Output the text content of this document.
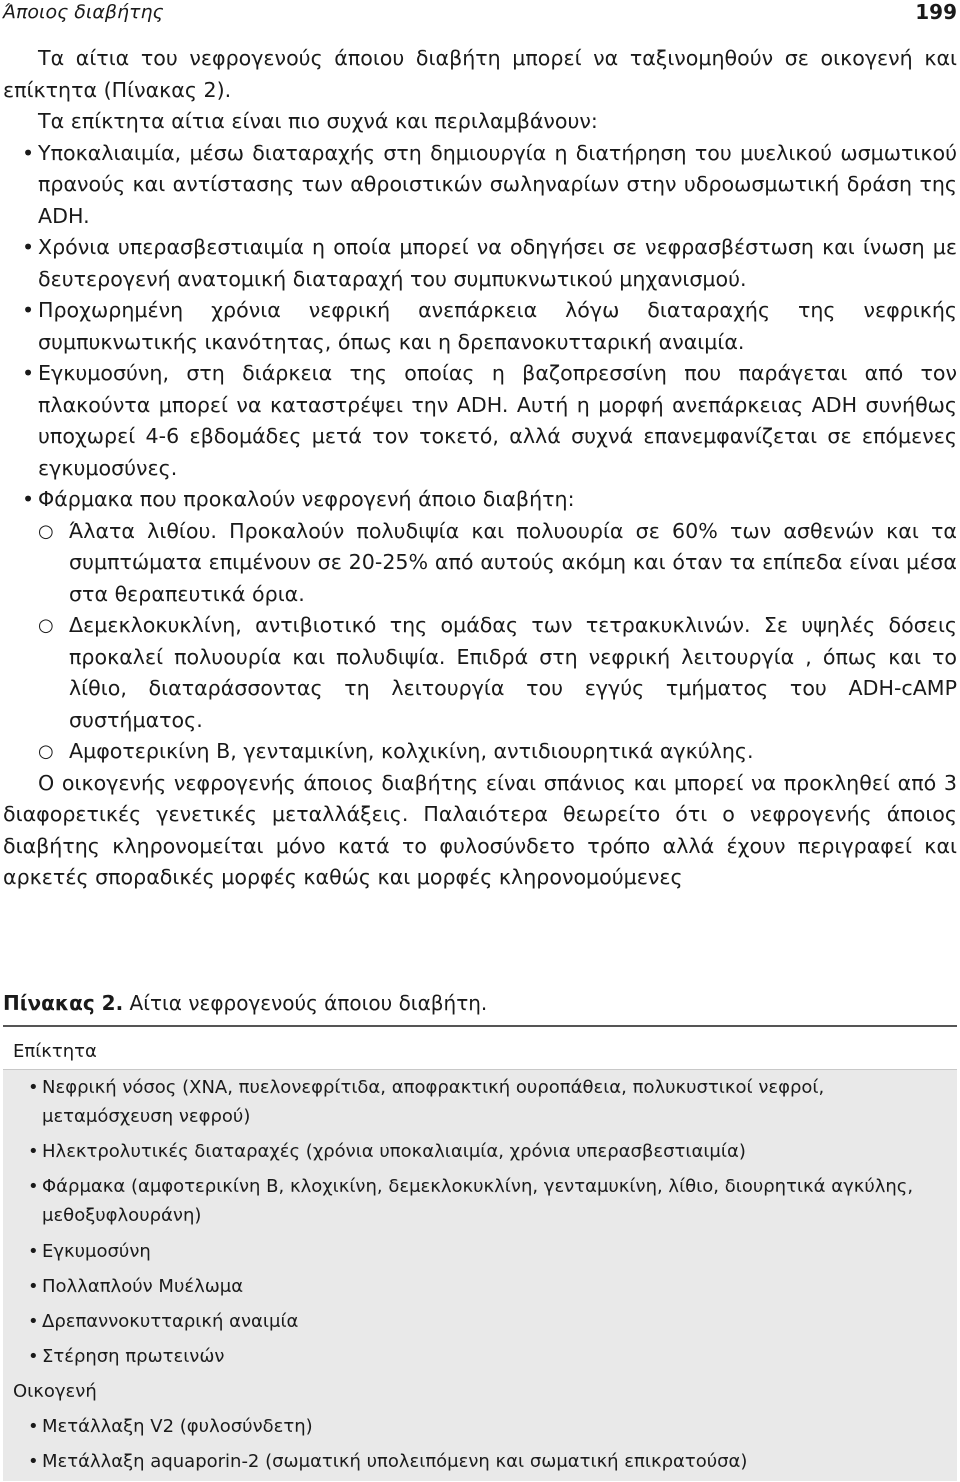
Άποιος διαβήτης	199

Τα αίτια του νεφρογενούς άποιου διαβήτη μπορεί να ταξινομηθούν σε οικογενή και επίκτητα (Πίνακας 2).

Τα επίκτητα αίτια είναι πιο συχνά και περιλαμβάνουν:

• Υποκαλιαιμία, μέσω διαταραχής στη δημιουργία η διατήρηση του μυελικού ωσμωτικού πρανούς και αντίστασης των αθροιστικών σωληναρίων στην υδροωσμωτική δράση της ADH.
• Χρόνια υπερασβεστιαιμία η οποία μπορεί να οδηγήσει σε νεφρασβέστωση και ίνωση με δευτερογενή ανατομική διαταραχή του συμπυκνωτικού μηχανισμού.
• Προχωρημένη χρόνια νεφρική ανεπάρκεια λόγω διαταραχής της νεφρικής συμπυκνωτικής ικανότητας, όπως και η δρεπανοκυτταρική αναιμία.
• Εγκυμοσύνη, στη διάρκεια της οποίας η βαζοπρεσσίνη που παράγεται από τον πλακούντα μπορεί να καταστρέψει την ADH. Αυτή η μορφή ανεπάρκειας ADH συνήθως υποχωρεί 4-6 εβδομάδες μετά τον τοκετό, αλλά συχνά επανεμφανίζεται σε επόμενες εγκυμοσύνες.
• Φάρμακα που προκαλούν νεφρογενή άποιο διαβήτη:
○ Άλατα λιθίου. Προκαλούν πολυδιψία και πολυουρία σε 60% των ασθενών και τα συμπτώματα επιμένουν σε 20-25% από αυτούς ακόμη και όταν τα επίπεδα είναι μέσα στα θεραπευτικά όρια.
○ Δεμεκλοκυκλίνη, αντιβιοτικό της ομάδας των τετρακυκλινών. Σε υψηλές δόσεις προκαλεί πολυουρία και πολυδιψία. Επιδρά στη νεφρική λειτουργία , όπως και το λίθιο, διαταράσσοντας τη λειτουργία του εγγύς τμήματος του ADH-cAMP συστήματος.
○ Αμφοτερικίνη Β, γενταμικίνη, κολχικίνη, αντιδιουρητικά αγκύλης.

Ο οικογενής νεφρογενής άποιος διαβήτης είναι σπάνιος και μπορεί να προκληθεί από 3 διαφορετικές γενετικές μεταλλάξεις. Παλαιότερα θεωρείτο ότι ο νεφρογενής άποιος διαβήτης κληρονομείται μόνο κατά το φυλοσύνδετο τρόπο αλλά έχουν περιγραφεί και αρκετές σποραδικές μορφές καθώς και μορφές κληρονομούμενες

Πίνακας 2. Αίτια νεφρογενούς άποιου διαβήτη.
Επίκτητα
• Νεφρική νόσος (ΧΝΑ, πυελονεφρίτιδα, αποφρακτική ουροπάθεια, πολυκυστικοί νεφροί, μεταμόσχευση νεφρού)
• Ηλεκτρολυτικές διαταραχές (χρόνια υποκαλιαιμία, χρόνια υπερασβεστιαιμία)
• Φάρμακα (αμφοτερικίνη Β, κλοχικίνη, δεμεκλοκυκλίνη, γενταμυκίνη, λίθιο, διουρητικά αγκύλης, μεθοξυφλουράνη)
• Εγκυμοσύνη
• Πολλαπλούν Μυέλωμα
• Δρεπαννοκυτταρική αναιμία
• Στέρηση πρωτεινών
Οικογενή
• Μετάλλαξη V2 (φυλοσύνδετη)
• Μετάλλαξη aquaporin-2 (σωματική υπολειπόμενη και σωματική επικρατούσα)
